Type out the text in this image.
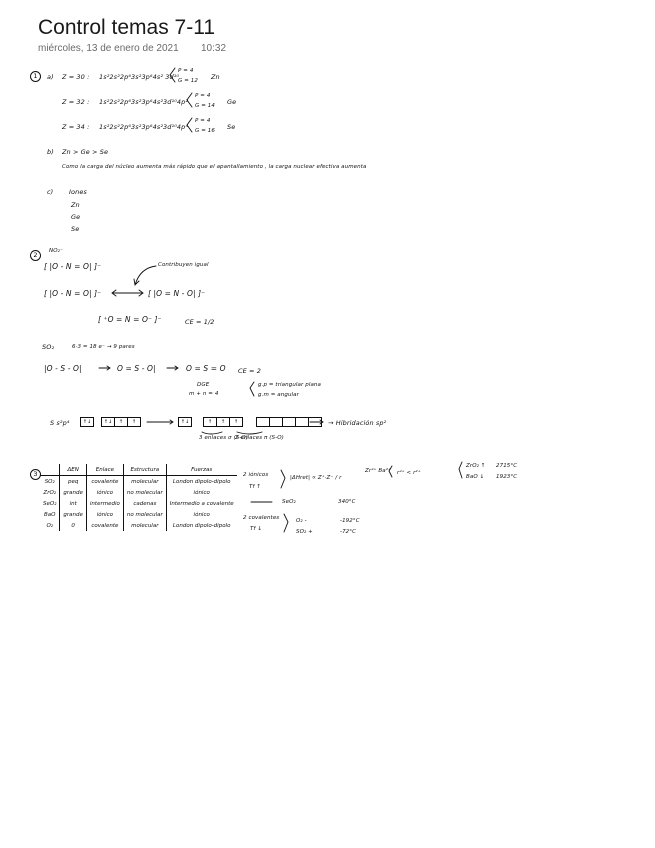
Control temas 7-11
miércoles, 13 de enero de 2021 10:32
1	a) Z = 30 : 1s²2s²2p⁶3s²3p⁶4s² 3d¹⁰
P = 4
G = 12 Zn
Z = 32 : 1s²2s²2p⁶3s²3p⁶4s²3d¹⁰4p²
P = 4
G = 14 Ge
Z = 34 : 1s²2s²2p⁶3s²3p⁶4s²3d¹⁰4p⁴
P = 4
G = 16 Se
b) Zn > Ge > Se
Como la carga del núcleo aumenta más rápido que el apantallamiento , la carga nuclear efectiva aumenta
c) Iones
Zn
Ge
Se
2	NO₂⁻
[ |O - N = O| ]⁻	Contribuyen igual
[ |O - N = O| ]⁻	[ |O = N - O| ]⁻
[ ⁺O = N = O⁻ ]⁻	CE = 1/2
SO₂	6·3 = 18 e⁻ → 9 pares
|O - S - O|	O = S - O|	O = S = O CE = 2
DGE
m + n = 4
g.p = triangular plana
g.m = angular
S s²p⁴	↑↓	↑↓	↑	↑	↑↓	↑	↑	↑
3 enlaces σ (S-O)
2 enlaces π (S-O)
→ Hibridación sp²
3
	ΔEN	Enlace	Estructura	Fuerzas
SO₂	peq	covalente	molecular	London dipolo-dipolo
ZrO₂	grande	iónico	no molecular	iónico
SeO₂	int	intermedio	cadenas	Intermedio a covalente
BaO	grande	iónico	no molecular	iónico
O₂	0	covalente	molecular	London dipolo-dipolo
2 iónicos
Tf ↑
|ΔHret| ∝ Z⁺·Z⁻ / r
Zr⁴⁺ Ba²⁺ r⁴⁺ < r²⁺
ZrO₂ ↑ 2715°C
BaO ↓ 1923°C
SeO₂	340°C
2 covalentes
Tf ↓
O₂ -	-192°C
SO₂ +	-72°C
